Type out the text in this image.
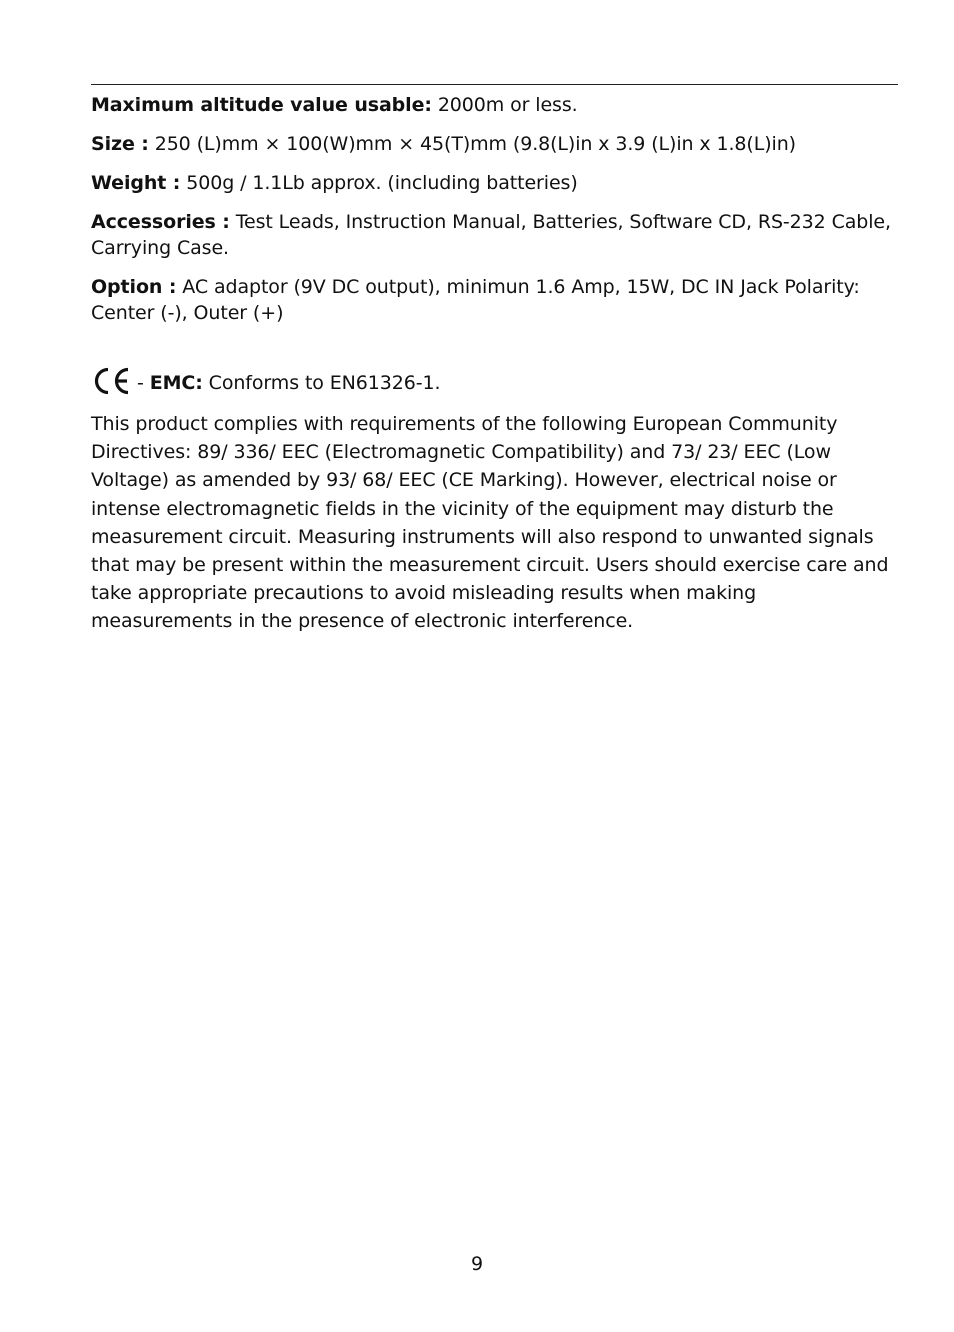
Maximum altitude value usable: 2000m or less.

Size : 250 (L)mm × 100(W)mm × 45(T)mm (9.8(L)in x 3.9 (L)in x 1.8(L)in)

Weight : 500g / 1.1Lb approx. (including batteries)

Accessories : Test Leads, Instruction Manual, Batteries, Software CD, RS-232 Cable, Carrying Case.

Option : AC adaptor (9V DC output), minimun 1.6 Amp, 15W, DC IN Jack Polarity: Center (-), Outer (+)

- EMC: Conforms to EN61326-1.

This product complies with requirements of the following European Community Directives: 89/ 336/ EEC (Electromagnetic Compatibility) and 73/ 23/ EEC (Low Voltage) as amended by 93/ 68/ EEC (CE Marking). However, electrical noise or intense electromagnetic fields in the vicinity of the equipment may disturb the measurement circuit. Measuring instruments will also respond to unwanted signals that may be present within the measurement circuit. Users should exercise care and take appropriate precautions to avoid misleading results when making measurements in the presence of electronic interference.

9
